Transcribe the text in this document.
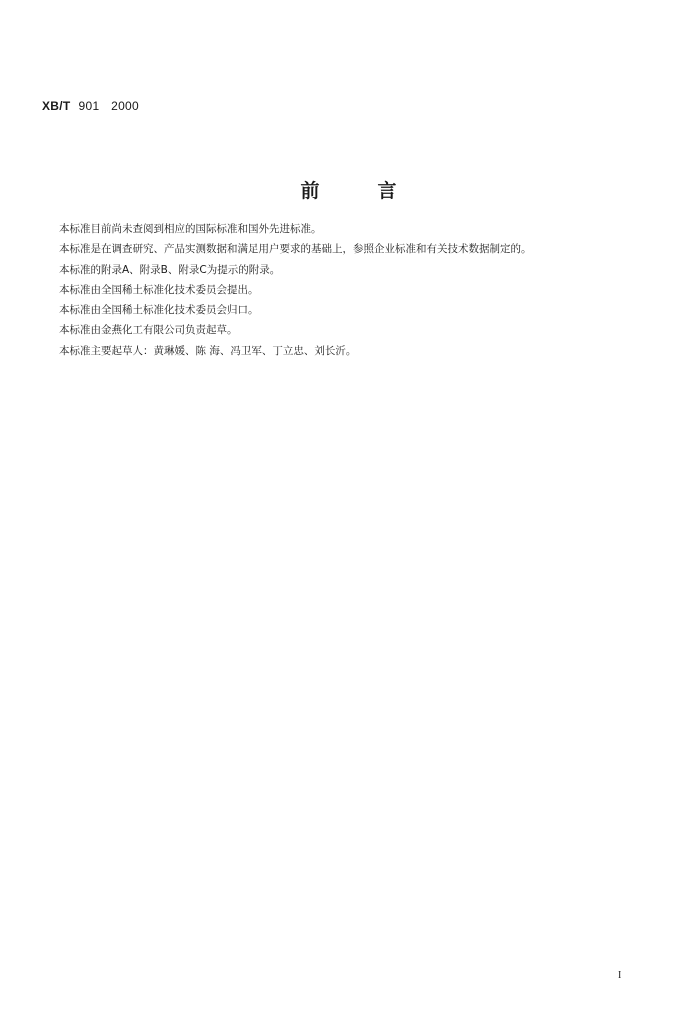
XB/T 901 2000
前言

本标准目前尚未查阅到相应的国际标准和国外先进标准。

本标准是在调查研究、产品实测数据和满足用户要求的基础上，参照企业标准和有关技术数据制定的。

本标准的附录A、附录B、附录C为提示的附录。

本标准由全国稀土标准化技术委员会提出。

本标准由全国稀土标准化技术委员会归口。

本标准由金燕化工有限公司负责起草。

本标准主要起草人：黄琳媛、陈 海、冯卫军、丁立忠、刘长沂。

I
